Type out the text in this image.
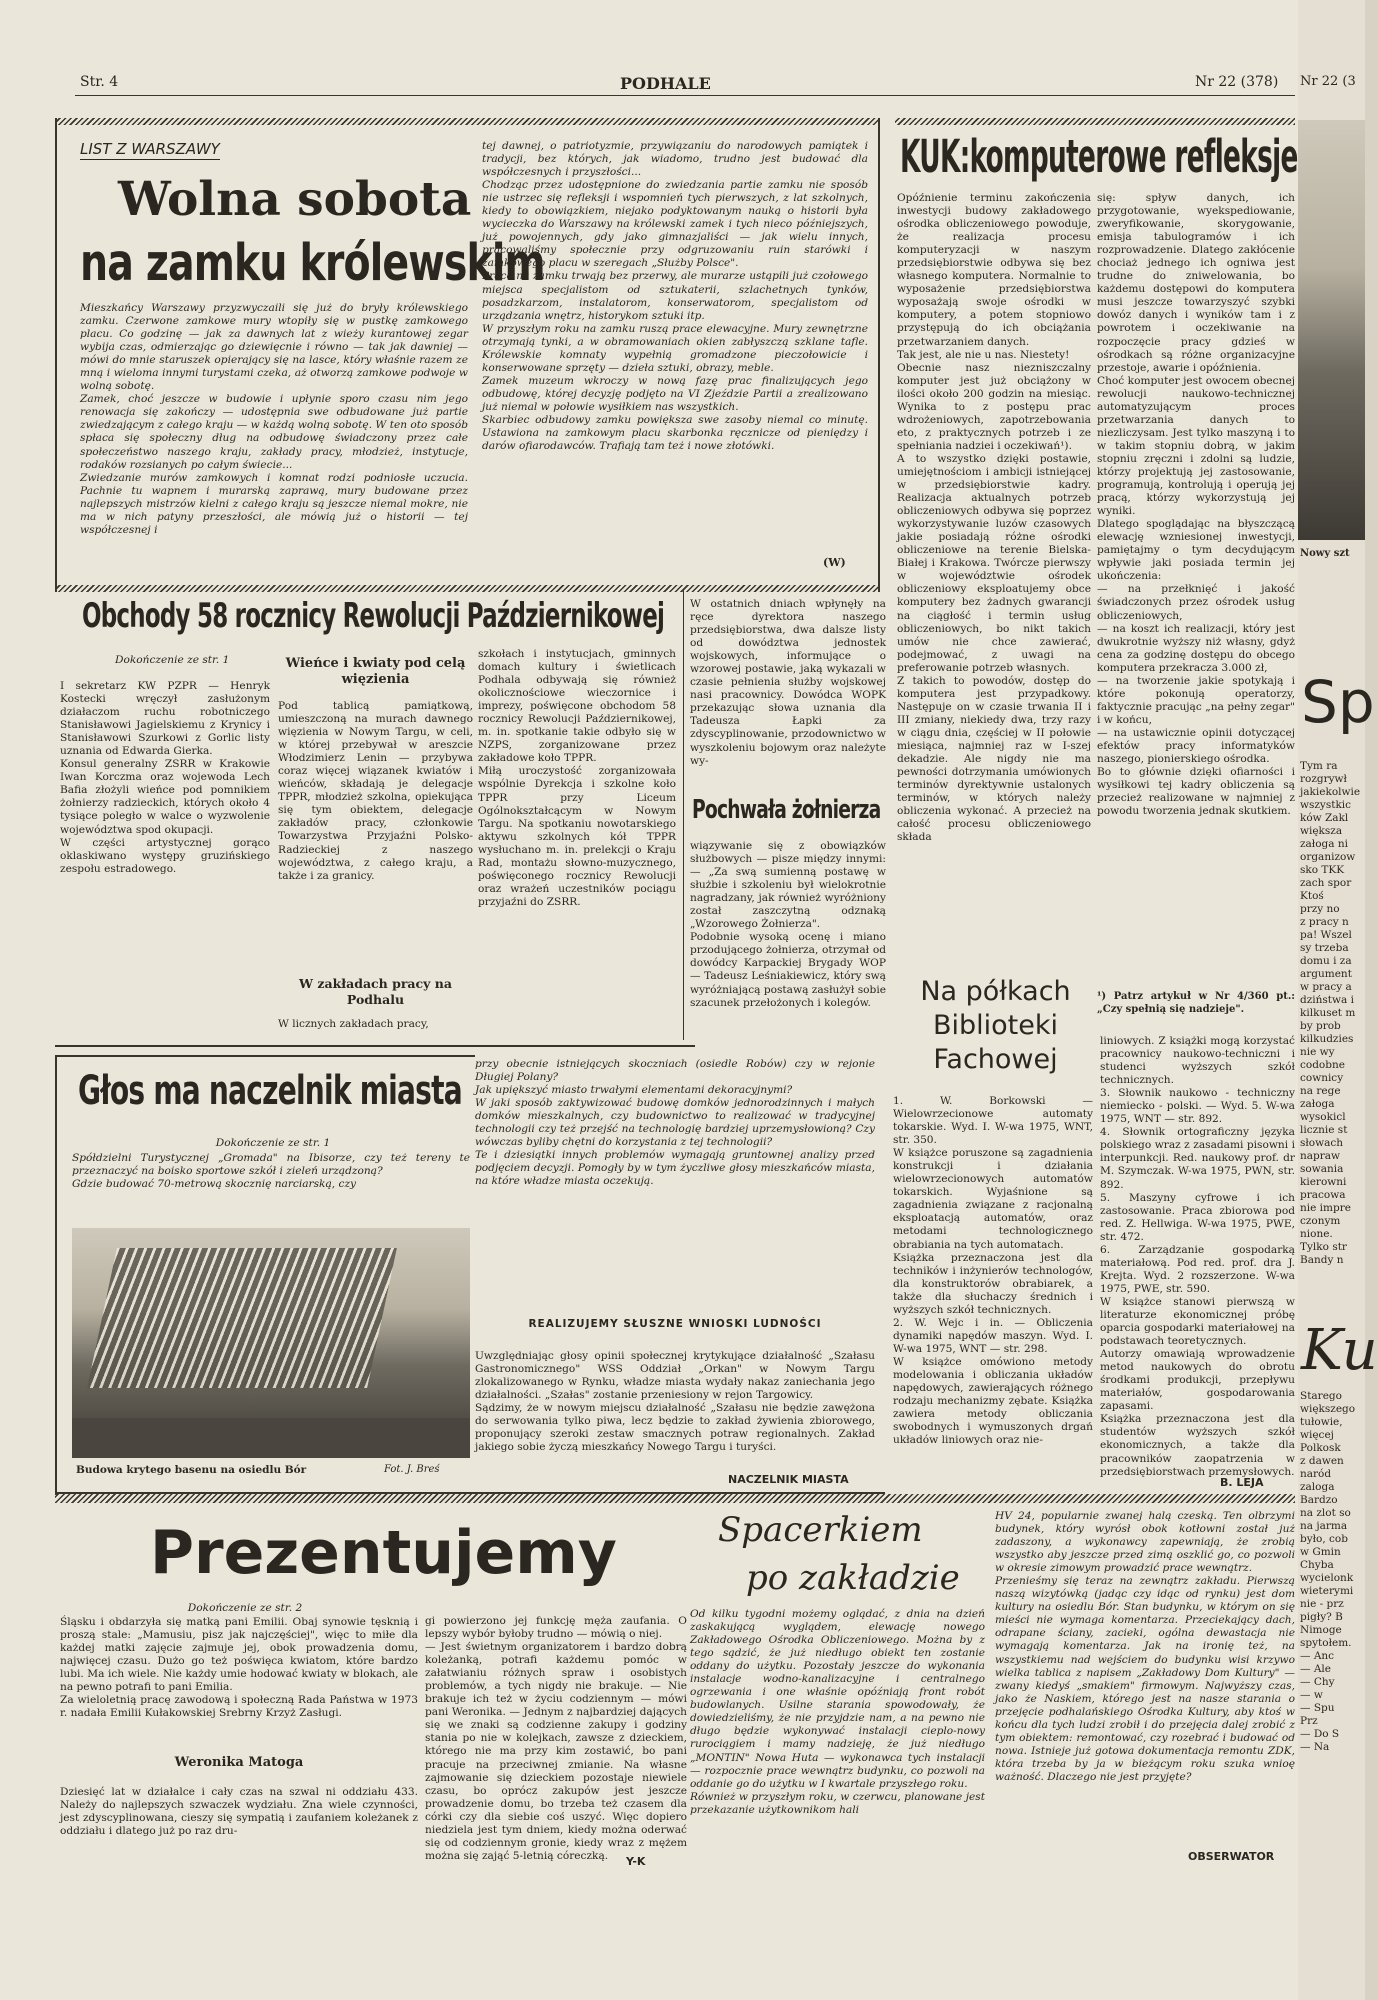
Str. 4	PODHALE	Nr 22 (378)
LIST Z WARSZAWY
Wolna sobota
na zamku królewskim
Mieszkańcy Warszawy przyzwyczaili się już do bryły królewskiego zamku. Czerwone zamkowe mury wtopiły się w pustkę zamkowego placu. Co godzinę — jak za dawnych lat z wieży kurantowej zegar wybija czas, odmierzając go dziewięcnie i równo — tak jak dawniej — mówi do mnie staruszek opierający się na lasce, który właśnie razem ze mną i wieloma innymi turystami czeka, aż otworzą zamkowe podwoje w wolną sobotę.
Zamek, choć jeszcze w budowie i upłynie sporo czasu nim jego renowacja się zakończy — udostępnia swe odbudowane już partie zwiedzającym z całego kraju — w każdą wolną sobotę. W ten oto sposób spłaca się społeczny dług na odbudowę świadczony przez całe społeczeństwo naszego kraju, zakłady pracy, młodzież, instytucje, rodaków rozsianych po całym świecie...
Zwiedzanie murów zamkowych i komnat rodzi podniosłe uczucia. Pachnie tu wapnem i murarską zaprawą, mury budowane przez najlepszych mistrzów kielni z całego kraju są jeszcze niemal mokre, nie ma w nich patyny przeszłości, ale mówią już o historii — tej współczesnej i
tej dawnej, o patriotyzmie, przywiązaniu do narodowych pamiątek i tradycji, bez których, jak wiadomo, trudno jest budować dla współczesnych i przyszłości...
Chodząc przez udostępnione do zwiedzania partie zamku nie sposób nie ustrzec się refleksji i wspomnień tych pierwszych, z lat szkolnych, kiedy to obowiązkiem, niejako podyktowanym nauką o historii była wycieczka do Warszawy na królewski zamek i tych nieco późniejszych, już powojennych, gdy jako gimnazjaliści — jak wielu innych, pracowaliśmy społecznie przy odgruzowaniu ruin starówki i zamkowego placu w szeregach „Służby Polsce".
Prace na zamku trwają bez przerwy, ale murarze ustąpili już czołowego miejsca specjalistom od sztukaterii, szlachetnych tynków, posadzkarzom, instalatorom, konserwatorom, specjalistom od urządzania wnętrz, historykom sztuki itp.
W przyszłym roku na zamku ruszą prace elewacyjne. Mury zewnętrzne otrzymają tynki, a w obramowaniach okien zabłyszczą szklane tafle. Królewskie komnaty wypełnią gromadzone pieczołowicie i konserwowane sprzęty — dzieła sztuki, obrazy, meble.
Zamek muzeum wkroczy w nową fazę prac finalizujących jego odbudowę, której decyzję podjęto na VI Zjeździe Partii a zrealizowano już niemal w połowie wysiłkiem nas wszystkich.
Skarbiec odbudowy zamku powiększa swe zasoby niemal co minutę. Ustawiona na zamkowym placu skarbonka ręcznicze od pieniędzy i darów ofiarodawców. Trafiają tam też i nowe złotówki.
(W)
KUK:komputerowe refleksje
Opóźnienie terminu zakończenia inwestycji budowy zakładowego ośrodka obliczeniowego powoduje, że realizacja procesu komputeryzacji w naszym przedsiębiorstwie odbywa się bez własnego komputera. Normalnie to wyposażenie przedsiębiorstwa wyposażają swoje ośrodki w komputery, a potem stopniowo przystępują do ich obciążania przetwarzaniem danych.
Tak jest, ale nie u nas. Niestety!
Obecnie nasz niezniszczalny komputer jest już obciążony w ilości około 200 godzin na miesiąc. Wynika to z postępu prac wdrożeniowych, zapotrzebowania eto, z praktycznych potrzeb i ze spełniania nadziei i oczekiwań¹).
A to wszystko dzięki postawie, umiejętnościom i ambicji istniejącej w przedsiębiorstwie kadry. Realizacja aktualnych potrzeb obliczeniowych odbywa się poprzez wykorzystywanie luzów czasowych jakie posiadają różne ośrodki obliczeniowe na terenie Bielska-Białej i Krakowa. Twórcze pierwszy w województwie ośrodek obliczeniowy eksploatujemy obce komputery bez żadnych gwarancji na ciągłość i termin usług obliczeniowych, bo nikt takich umów nie chce zawierać, podejmować, z uwagi na preferowanie potrzeb własnych.
Z takich to powodów, dostęp do komputera jest przypadkowy. Następuje on w czasie trwania II i III zmiany, niekiedy dwa, trzy razy w ciągu dnia, częściej w II połowie miesiąca, najmniej raz w I-szej dekadzie. Ale nigdy nie ma pewności dotrzymania umówionych terminów dyrektywnie ustalonych terminów, w których należy obliczenia wykonać. A przecież na całość procesu obliczeniowego składa
się: spływ danych, ich przygotowanie, wyekspediowanie, zweryfikowanie, skorygowanie, emisja tabulogramów i ich rozprowadzenie. Dlatego zakłócenie chociaż jednego ich ogniwa jest trudne do zniwelowania, bo każdemu dostępowi do komputera musi jeszcze towarzyszyć szybki dowóz danych i wyników tam i z powrotem i oczekiwanie na rozpoczęcie pracy gdzieś w ośrodkach są różne organizacyjne przestoje, awarie i opóźnienia.
Choć komputer jest owocem obecnej rewolucji naukowo-technicznej automatyzującym proces przetwarzania danych to niezliczysam. Jest tylko maszyną i to w takim stopniu dobrą, w jakim stopniu zręczni i zdolni są ludzie, którzy projektują jej zastosowanie, programują, kontrolują i operują jej pracą, którzy wykorzystują jej wyniki.
Dlatego spoglądając na błyszczącą elewację wzniesionej inwestycji, pamiętajmy o tym decydującym wpływie jaki posiada termin jej ukończenia:
— na przełknięć i jakość świadczonych przez ośrodek usług obliczeniowych,
— na koszt ich realizacji, który jest dwukrotnie wyższy niż własny, gdyż cena za godzinę dostępu do obcego komputera przekracza 3.000 zł,
— na tworzenie jakie spotykają i które pokonują operatorzy, faktycznie pracując „na pełny zegar" i w końcu,
— na ustawicznie opinii dotyczącej efektów pracy informatyków naszego, pionierskiego ośrodka.
Bo to głównie dzięki ofiarności i wysiłkowi tej kadry obliczenia są przecież realizowane w najmniej z powodu tworzenia jednak skutkiem.
¹) Patrz artykuł w Nr 4/360 pt.: „Czy spełnią się nadzieje".
Obchody 58 rocznicy Rewolucji Październikowej
Dokończenie ze str. 1
I sekretarz KW PZPR — Henryk Kostecki wręczył zasłużonym działaczom ruchu robotniczego Stanisławowi Jagielskiemu z Krynicy i Stanisławowi Szurkowi z Gorlic listy uznania od Edwarda Gierka.
Konsul generalny ZSRR w Krakowie Iwan Korczma oraz wojewoda Lech Bafia złożyli wieńce pod pomnikiem żołnierzy radzieckich, których około 4 tysiące poległo w walce o wyzwolenie województwa spod okupacji.
W części artystycznej gorąco oklaskiwano występy gruzińskiego zespołu estradowego.
Wieńce i kwiaty pod celą więzienia
Pod tablicą pamiątkową, umieszczoną na murach dawnego więzienia w Nowym Targu, w celi, w której przebywał w areszcie Włodzimierz Lenin — przybywa coraz więcej wiązanek kwiatów i wieńców, składają je delegacje TPPR, młodzież szkolna, opiekująca się tym obiektem, delegacje zakładów pracy, członkowie Towarzystwa Przyjaźni Polsko-Radzieckiej z naszego województwa, z całego kraju, a także i za granicy.
W zakładach pracy na Podhalu
W licznych zakładach pracy,
szkołach i instytucjach, gminnych domach kultury i świetlicach Podhala odbywają się również okolicznościowe wieczornice i imprezy, poświęcone obchodom 58 rocznicy Rewolucji Październikowej, m. in. spotkanie takie odbyło się w NZPS, zorganizowane przez zakładowe koło TPPR.
Miłą uroczystość zorganizowała wspólnie Dyrekcja i szkolne koło TPPR przy Liceum Ogólnokształcącym w Nowym Targu. Na spotkaniu nowotarskiego aktywu szkolnych kół TPPR wysłuchano m. in. prelekcji o Kraju Rad, montażu słowno-muzycznego, poświęconego rocznicy Rewolucji oraz wrażeń uczestników pociągu przyjaźni do ZSRR.
W ostatnich dniach wpłynęły na ręce dyrektora naszego przedsiębiorstwa, dwa dalsze listy od dowództwa jednostek wojskowych, informujące o wzorowej postawie, jaką wykazali w czasie pełnienia służby wojskowej nasi pracownicy. Dowódca WOPK przekazując słowa uznania dla Tadeusza Łapki za zdyscyplinowanie, przodownictwo w wyszkoleniu bojowym oraz należyte wy-
Pochwała żołnierza
wiązywanie się z obowiązków służbowych — pisze między innymi: — „Za swą sumienną postawę w służbie i szkoleniu był wielokrotnie nagradzany, jak również wyróżniony został zaszczytną odznaką „Wzorowego Żołnierza".
Podobnie wysoką ocenę i miano przodującego żołnierza, otrzymał od dowódcy Karpackiej Brygady WOP — Tadeusz Leśniakiewicz, który swą wyróżniającą postawą zasłużył sobie szacunek przełożonych i kolegów.
Głos ma naczelnik miasta
Dokończenie ze str. 1
Spółdzielni Turystycznej „Gromada" na Ibisorze, czy też tereny te przeznaczyć na boisko sportowe szkół i zieleń urządzoną?
Gdzie budować 70-metrową skocznię narciarską, czy
Budowa krytego basenu na osiedlu Bór	Fot. J. Breś
przy obecnie istniejących skoczniach (osiedle Robów) czy w rejonie Długiej Polany?
Jak upiększyć miasto trwałymi elementami dekoracyjnymi?
W jaki sposób zaktywizować budowę domków jednorodzinnych i małych domków mieszkalnych, czy budownictwo to realizować w tradycyjnej technologii czy też przejść na technologię bardziej uprzemysłowioną? Czy wówczas byliby chętni do korzystania z tej technologii?
Te i dziesiątki innych problemów wymagają gruntownej analizy przed podjęciem decyzji. Pomogły by w tym życzliwe głosy mieszkańców miasta, na które władze miasta oczekują.
REALIZUJEMY SŁUSZNE WNIOSKI LUDNOŚCI
Uwzględniając głosy opinii społecznej krytykujące działalność „Szałasu Gastronomicznego" WSS Oddział „Orkan" w Nowym Targu zlokalizowanego w Rynku, władze miasta wydały nakaz zaniechania jego działalności. „Szałas" zostanie przeniesiony w rejon Targowicy.
Sądzimy, że w nowym miejscu działalność „Szałasu nie będzie zawężona do serwowania tylko piwa, lecz będzie to zakład żywienia zbiorowego, proponujący szeroki zestaw smacznych potraw regionalnych. Zakład jakiego sobie życzą mieszkańcy Nowego Targu i turyści.
NACZELNIK MIASTA
Na półkach
Biblioteki
Fachowej
1. W. Borkowski — Wielowrzecionowe automaty tokarskie. Wyd. I. W-wa 1975, WNT, str. 350.
W książce poruszone są zagadnienia konstrukcji i działania wielowrzecionowych automatów tokarskich. Wyjaśnione są zagadnienia związane z racjonalną eksploatacją automatów, oraz metodami technologicznego obrabiania na tych automatach.
Książka przeznaczona jest dla techników i inżynierów technologów, dla konstruktorów obrabiarek, a także dla słuchaczy średnich i wyższych szkół technicznych.
2. W. Wejc i in. — Obliczenia dynamiki napędów maszyn. Wyd. I. W-wa 1975, WNT — str. 298.
W książce omówiono metody modelowania i obliczania układów napędowych, zawierających różnego rodzaju mechanizmy zębate. Książka zawiera metody obliczania swobodnych i wymuszonych drgań układów liniowych oraz nie-
liniowych. Z książki mogą korzystać pracownicy naukowo-techniczni i studenci wyższych szkół technicznych.
3. Słownik naukowo - techniczny niemiecko - polski. — Wyd. 5. W-wa 1975, WNT — str. 892.
4. Słownik ortograficzny języka polskiego wraz z zasadami pisowni i interpunkcji. Red. naukowy prof. dr M. Szymczak. W-wa 1975, PWN, str. 892.
5. Maszyny cyfrowe i ich zastosowanie. Praca zbiorowa pod red. Z. Hellwiga. W-wa 1975, PWE, str. 472.
6. Zarządzanie gospodarką materiałową. Pod red. prof. dra J. Krejta. Wyd. 2 rozszerzone. W-wa 1975, PWE, str. 590.
W książce stanowi pierwszą w literaturze ekonomicznej próbę oparcia gospodarki materiałowej na podstawach teoretycznych.
Autorzy omawiają wprowadzenie metod naukowych do obrotu środkami produkcji, przepływu materiałów, gospodarowania zapasami.
Książka przeznaczona jest dla studentów wyższych szkół ekonomicznych, a także dla pracowników zaopatrzenia w przedsiębiorstwach przemysłowych.
B. LEJA
Prezentujemy
Dokończenie ze str. 2
Śląsku i obdarzyła się matką pani Emilii. Obaj synowie tęsknią i proszą stale: „Mamusiu, pisz jak najczęściej", więc to miłe dla każdej matki zajęcie zajmuje jej, obok prowadzenia domu, najwięcej czasu. Dużo go też poświęca kwiatom, które bardzo lubi. Ma ich wiele. Nie każdy umie hodować kwiaty w blokach, ale na pewno potrafi to pani Emilia.
Za wieloletnią pracę zawodową i społeczną Rada Państwa w 1973 r. nadała Emilii Kułakowskiej Srebrny Krzyż Zasługi.
Weronika Matoga
Dziesięć lat w działalce i cały czas na szwal ni oddziału 433. Należy do najlepszych szwaczek wydziału. Zna wiele czynności, jest zdyscyplinowana, cieszy się sympatią i zaufaniem koleżanek z oddziału i dlatego już po raz dru-
gi powierzono jej funkcję męża zaufania. O lepszy wybór byłoby trudno — mówią o niej.
— Jest świetnym organizatorem i bardzo dobrą koleżanką, potrafi każdemu pomóc w załatwianiu różnych spraw i osobistych problemów, a tych nigdy nie brakuje. — Nie brakuje ich też w życiu codziennym — mówi pani Weronika. — Jednym z najbardziej dających się we znaki są codzienne zakupy i godziny stania po nie w kolejkach, zawsze z dzieckiem, którego nie ma przy kim zostawić, bo pani pracuje na przeciwnej zmianie. Na własne zajmowanie się dzieckiem pozostaje niewiele czasu, bo oprócz zakupów jest jeszcze prowadzenie domu, bo trzeba też czasem dla córki czy dla siebie coś uszyć. Więc dopiero niedziela jest tym dniem, kiedy można oderwać się od codziennym gronie, kiedy wraz z mężem można się zająć 5-letnią córeczką.	Y-K
Spacerkiem
po zakładzie
Od kilku tygodni możemy oglądać, z dnia na dzień zaskakującą wyglądem, elewację nowego Zakładowego Ośrodka Obliczeniowego. Można by z tego sądzić, że już niedługo obiekt ten zostanie oddany do użytku. Pozostały jeszcze do wykonania instalacje wodno-kanalizacyjne i centralnego ogrzewania i one właśnie opóźniają front robót budowlanych. Usilne starania spowodowały, że dowiedzieliśmy, że nie przyjdzie nam, a na pewno nie długo będzie wykonywać instalacji cieplo-nowy rurociągiem i mamy nadzieję, że już niedługo „MONTIN" Nowa Huta — wykonawca tych instalacji — rozpocznie prace wewnątrz budynku, co pozwoli na oddanie go do użytku w I kwartale przyszłego roku.
Również w przyszłym roku, w czerwcu, planowane jest przekazanie użytkownikom hali
HV 24, popularnie zwanej halą czeską. Ten olbrzymi budynek, który wyrósł obok kotłowni został już zadaszony, a wykonawcy zapewniają, że zrobią wszystko aby jeszcze przed zimą oszklić go, co pozwoli w okresie zimowym prowadzić prace wewnątrz.
Przenieśmy się teraz na zewnątrz zakładu. Pierwszą naszą wizytówką (jadąc czy idąc od rynku) jest dom kultury na osiedlu Bór. Stan budynku, w którym on się mieści nie wymaga komentarza. Przeciekający dach, odrapane ściany, zacieki, ogólna dewastacja nie wymagają komentarza. Jak na ironię też, na wszystkiemu nad wejściem do budynku wisi krzywo wielka tablica z napisem „Zakładowy Dom Kultury" — zwany kiedyś „smakiem" firmowym. Najwyższy czas, jako że Naskiem, którego jest na nasze starania o przejęcie podhalańskiego Ośrodka Kultury, aby ktoś w końcu dla tych ludzi zrobił i do przejęcia dalej zrobić z tym obiektem: remontować, czy rozebrać i budować od nowa. Istnieje już gotowa dokumentacja remontu ZDK, która trzeba by ja w bieżącym roku szuka wnioę ważność. Dlaczego nie jest przyjęte?
OBSERWATOR
Nr 22 (3
Nowy szt
Sp
Tym ra
rozgrywł
jakiekolwie
wszystkic
ków Zakl
większa
załoga ni
organizow
sko TKK
zach spor
Ktoś
przy no
z pracy n
pa! Wszel
sy trzeba
domu i za
argument
w pracy a
dziństwa i
kilkuset m
by prob
kilkudzies
nie wy
codobne
cownicy
na rege
załoga
wysokicl
licznie st
słowach
napraw
sowania
kierowni
pracowa
nie impre
czonym
nione.
Tylko str
Bandy n
Ku
Starego
większego
tułowie,
więcej
Polkosk
z dawen
naród
zaloga
Bardzo
na zlot so
na jarma
było, cob
w Gmin
Chyba
wycielonk
wieterymi
nie - prz
pigły? B
Nimoge
spytołem.
— Anc
— Ale
— Chy
— w
— Spu
Prz
— Do S
— Na
